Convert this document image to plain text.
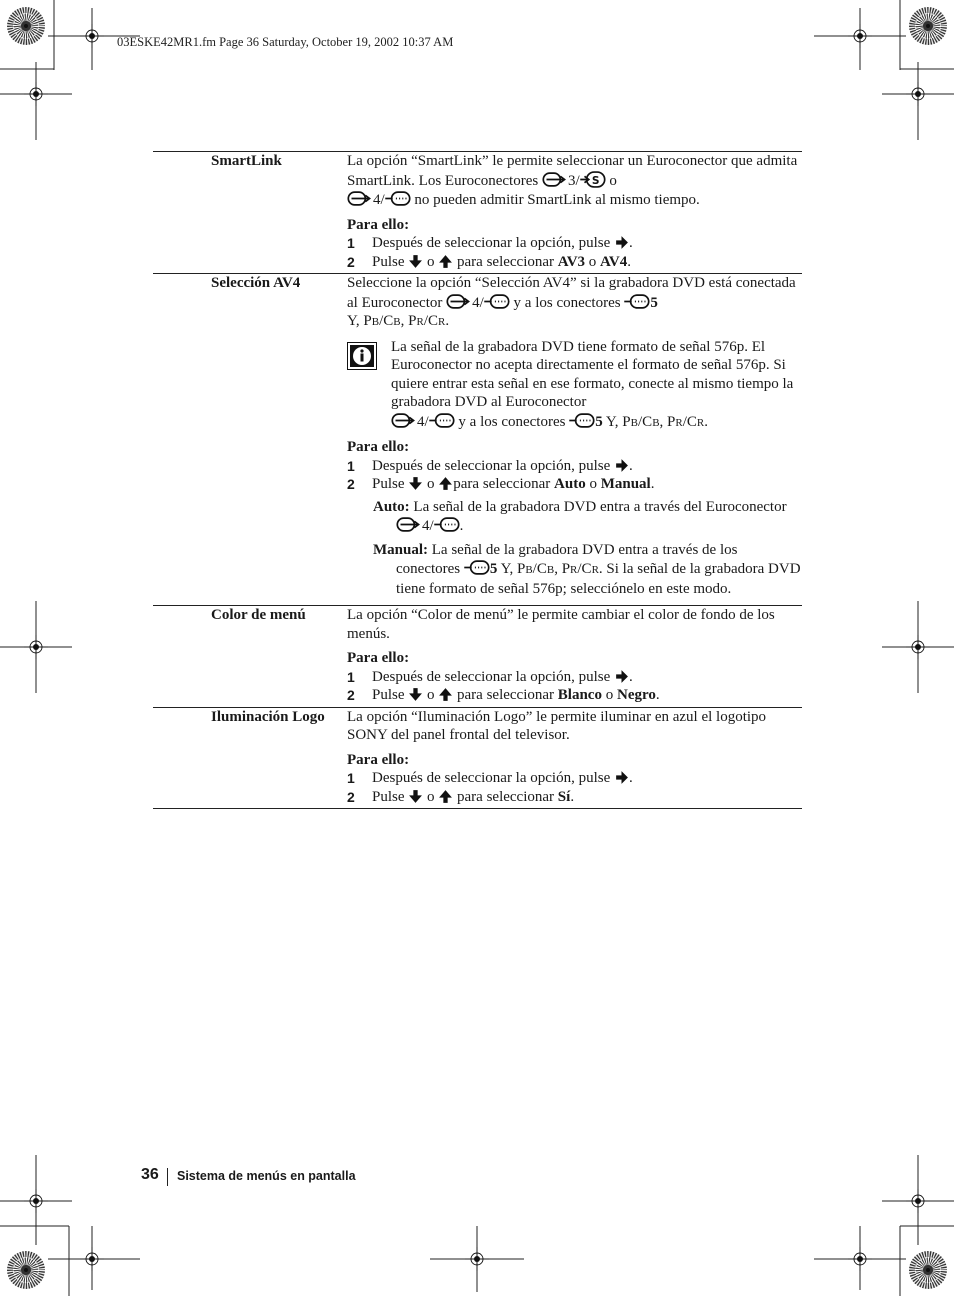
03ESKE42MR1.fm Page 36 Saturday, October 19, 2002 10:37 AM
SmartLink	La opción “SmartLink” le permite seleccionar un Euroconector que admita SmartLink. Los Euroconectores 3/ o
4/ no pueden admitir SmartLink al mismo tiempo.

Para ello:

1	Después de seleccionar la opción, pulse .
2	Pulse  o  para seleccionar AV3 o AV4.
Selección AV4	Seleccione la opción “Selección AV4” si la grabadora DVD está conectada al Euroconector 4/ y a los conectores 5
Y, PB/CB, PR/CR.

La señal de la grabadora DVD tiene formato de señal 576p. El Euroconector no acepta directamente el formato de señal 576p. Si quiere entrar esta señal en ese formato, conecte al mismo tiempo la grabadora DVD al Euroconector
4/ y a los conectores 5 Y, PB/CB, PR/CR.

Para ello:

1	Después de seleccionar la opción, pulse .
2	Pulse  o para seleccionar Auto o Manual.

Auto: La señal de la grabadora DVD entra a través del Euroconector 4/ .

Manual: La señal de la grabadora DVD entra a través de los conectores 5 Y, PB/CB, PR/CR. Si la señal de la grabadora DVD tiene formato de señal 576p; selecciónelo en este modo.

Color de menú	La opción “Color de menú” le permite cambiar el color de fondo de los menús.

Para ello:

1	Después de seleccionar la opción, pulse .
2	Pulse  o  para seleccionar Blanco o Negro.
Iluminación Logo	La opción “Iluminación Logo” le permite iluminar en azul el logotipo SONY del panel frontal del televisor.

Para ello:

1	Después de seleccionar la opción, pulse .
2	Pulse  o  para seleccionar Sí.
36 Sistema de menús en pantalla
